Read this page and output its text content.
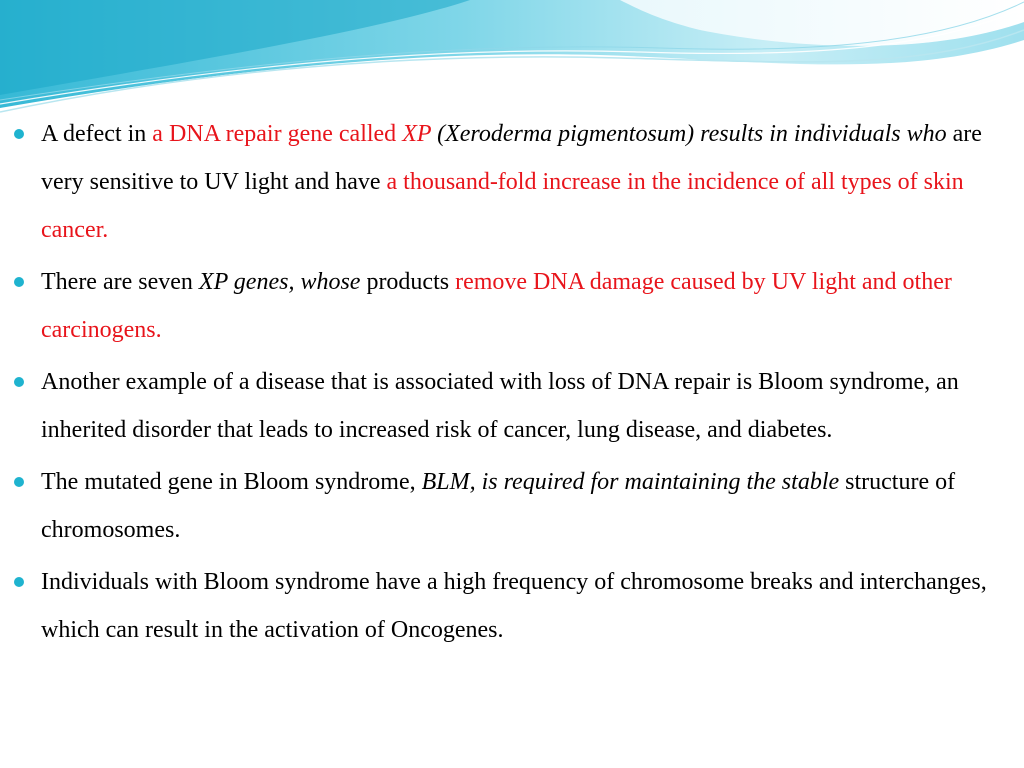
A defect in a DNA repair gene called XP (Xeroderma pigmentosum) results in individuals who are very sensitive to UV light and have a thousand-fold increase in the incidence of all types of skin cancer.
There are seven XP genes, whose products remove DNA damage caused by UV light and other carcinogens.
Another example of a disease that is associated with loss of DNA repair is Bloom syndrome, an inherited disorder that leads to increased risk of cancer, lung disease, and diabetes.
The mutated gene in Bloom syndrome, BLM, is required for maintaining the stable structure of chromosomes.
Individuals with Bloom syndrome have a high frequency of chromosome breaks and interchanges, which can result in the activation of Oncogenes.
